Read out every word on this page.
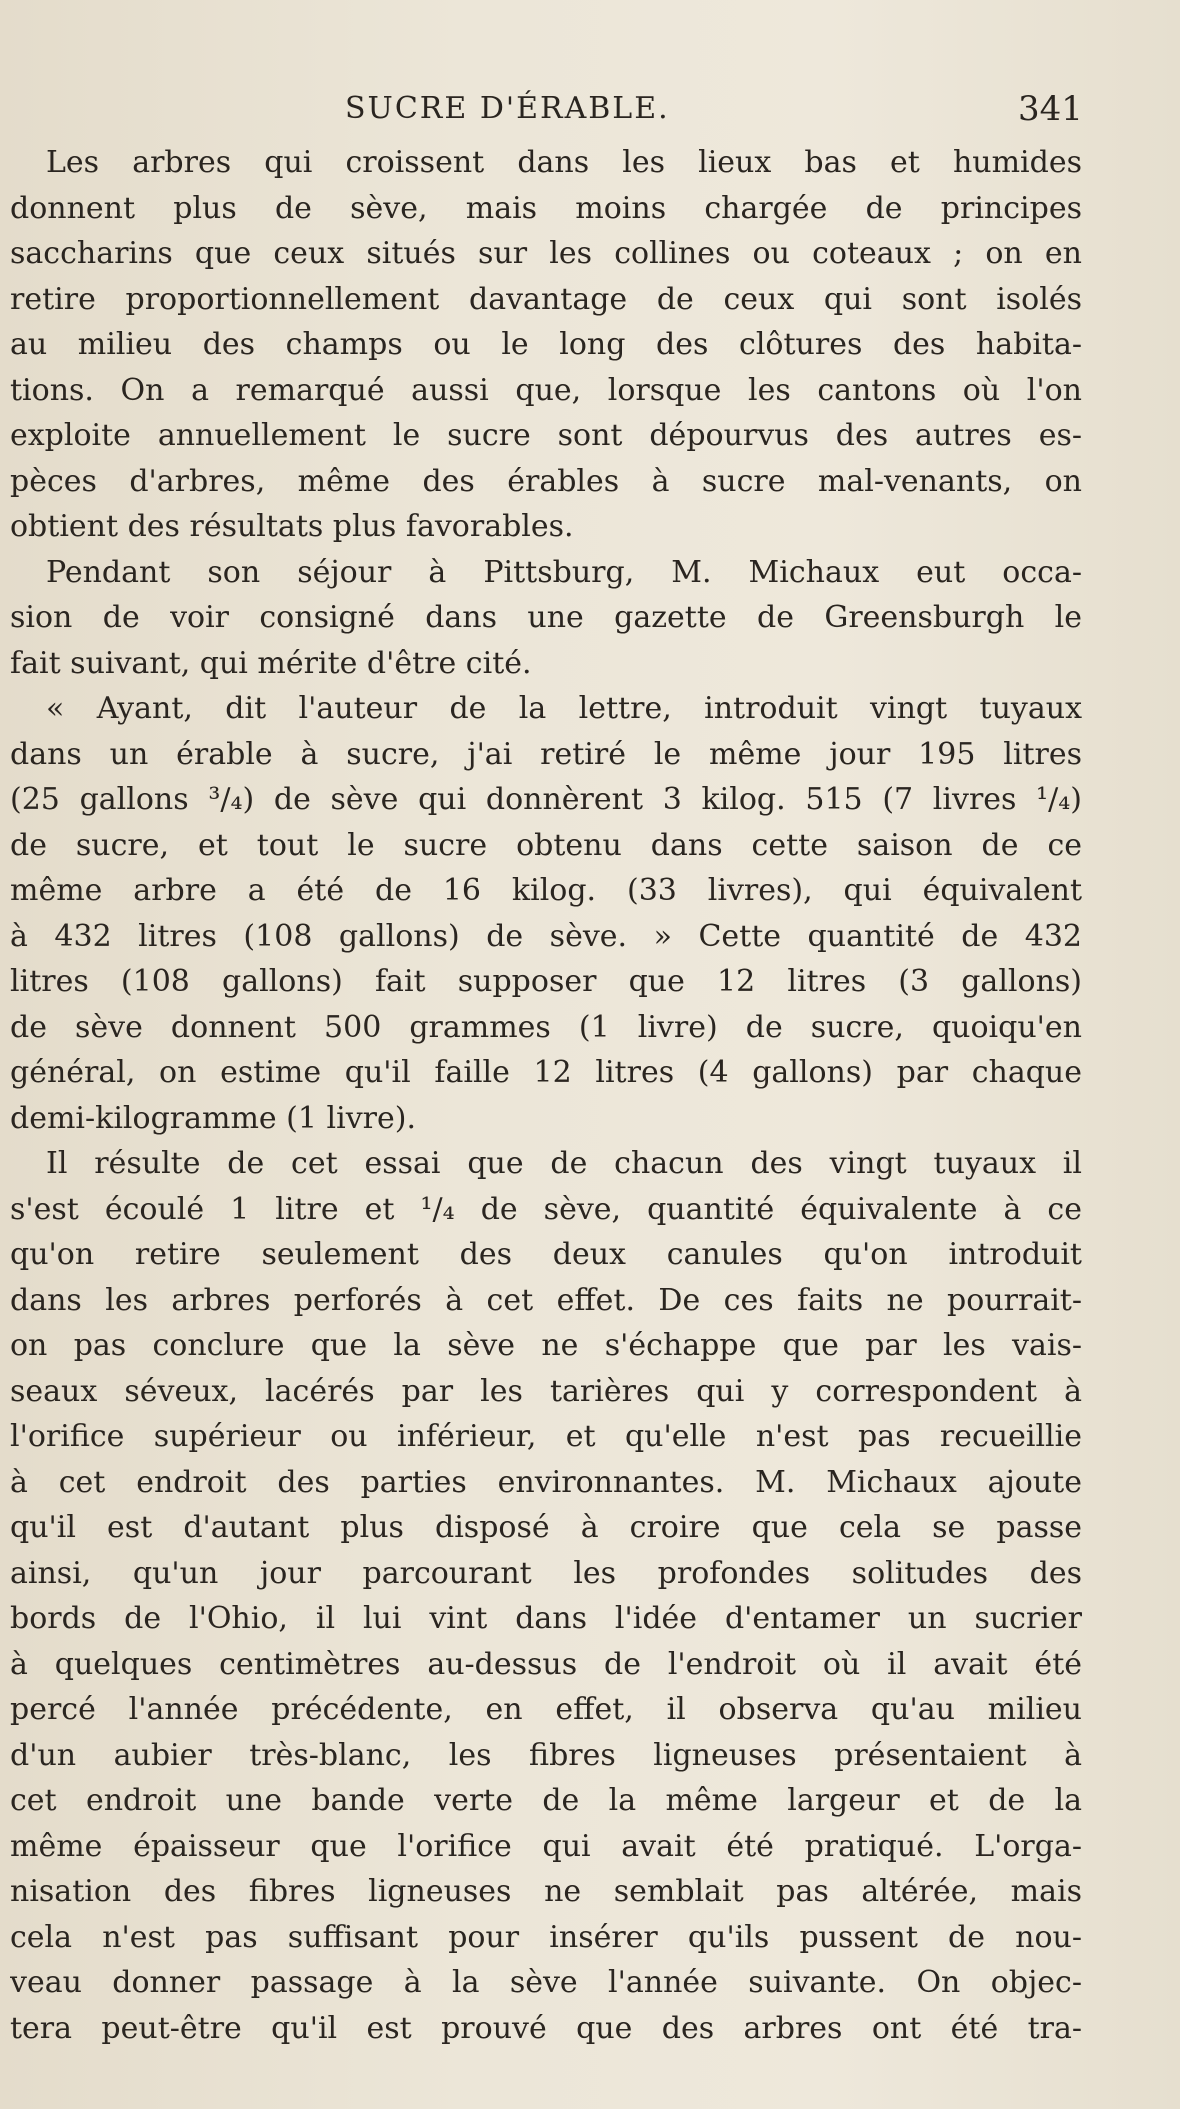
SUCRE D'ÉRABLE.	341
Les arbres qui croissent dans les lieux bas et humides
donnent plus de sève, mais moins chargée de principes
saccharins que ceux situés sur les collines ou coteaux ; on en
retire proportionnellement davantage de ceux qui sont isolés
au milieu des champs ou le long des clôtures des habita-
tions. On a remarqué aussi que, lorsque les cantons où l'on
exploite annuellement le sucre sont dépourvus des autres es-
pèces d'arbres, même des érables à sucre mal-venants, on
obtient des résultats plus favorables.
Pendant son séjour à Pittsburg, M. Michaux eut occa-
sion de voir consigné dans une gazette de Greensburgh le
fait suivant, qui mérite d'être cité.
« Ayant, dit l'auteur de la lettre, introduit vingt tuyaux
dans un érable à sucre, j'ai retiré le même jour 195 litres
(25 gallons ³/₄) de sève qui donnèrent 3 kilog. 515 (7 livres ¹/₄)
de sucre, et tout le sucre obtenu dans cette saison de ce
même arbre a été de 16 kilog. (33 livres), qui équivalent
à 432 litres (108 gallons) de sève. » Cette quantité de 432
litres (108 gallons) fait supposer que 12 litres (3 gallons)
de sève donnent 500 grammes (1 livre) de sucre, quoiqu'en
général, on estime qu'il faille 12 litres (4 gallons) par chaque
demi-kilogramme (1 livre).
Il résulte de cet essai que de chacun des vingt tuyaux il
s'est écoulé 1 litre et ¹/₄ de sève, quantité équivalente à ce
qu'on retire seulement des deux canules qu'on introduit
dans les arbres perforés à cet effet. De ces faits ne pourrait-
on pas conclure que la sève ne s'échappe que par les vais-
seaux séveux, lacérés par les tarières qui y correspondent à
l'orifice supérieur ou inférieur, et qu'elle n'est pas recueillie
à cet endroit des parties environnantes. M. Michaux ajoute
qu'il est d'autant plus disposé à croire que cela se passe
ainsi, qu'un jour parcourant les profondes solitudes des
bords de l'Ohio, il lui vint dans l'idée d'entamer un sucrier
à quelques centimètres au-dessus de l'endroit où il avait été
percé l'année précédente, en effet, il observa qu'au milieu
d'un aubier très-blanc, les fibres ligneuses présentaient à
cet endroit une bande verte de la même largeur et de la
même épaisseur que l'orifice qui avait été pratiqué. L'orga-
nisation des fibres ligneuses ne semblait pas altérée, mais
cela n'est pas suffisant pour insérer qu'ils pussent de nou-
veau donner passage à la sève l'année suivante. On objec-
tera peut-être qu'il est prouvé que des arbres ont été tra-
